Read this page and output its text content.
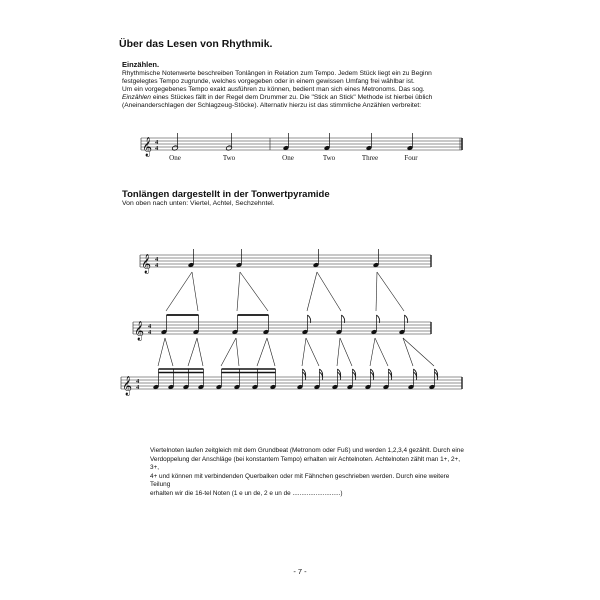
Über das Lesen von Rhythmik.
Einzählen.
Rhythmische Notenwerte beschreiben Tonlängen in Relation zum Tempo. Jedem Stück liegt ein zu Beginn
festgelegtes Tempo zugrunde, welches vorgegeben oder in einem gewissen Umfang frei wählbar ist.
Um ein vorgegebenes Tempo exakt ausführen zu können, bedient man sich eines Metronoms. Das sog.
Einzählen eines Stückes fällt in der Regel dem Drummer zu. Die "Stick an Stick" Methode ist hierbei üblich
(Aneinanderschlagen der Schlagzeug-Stöcke). Alternativ hierzu ist das stimmliche Anzählen verbreitet:
Tonlängen dargestellt in der Tonwertpyramide
Von oben nach unten: Viertel, Achtel, Sechzehntel.
𝄞 4
4
One	Two	One	Two	Three	Four
𝄞 4
4
𝄞 4
4
𝄞 4
4
Viertelnoten laufen zeitgleich mit dem Grundbeat (Metronom oder Fuß) und werden 1,2,3,4 gezählt. Durch eine
Verdoppelung der Anschläge (bei konstantem Tempo) erhalten wir Achtelnoten. Achtelnoten zählt man 1+, 2+, 3+,
4+ und können mit verbindenden Querbalken oder mit Fähnchen geschrieben werden. Durch eine weitere Teilung
erhalten wir die 16-tel Noten (1 e un de, 2 e un de ...........................)
- 7 -
